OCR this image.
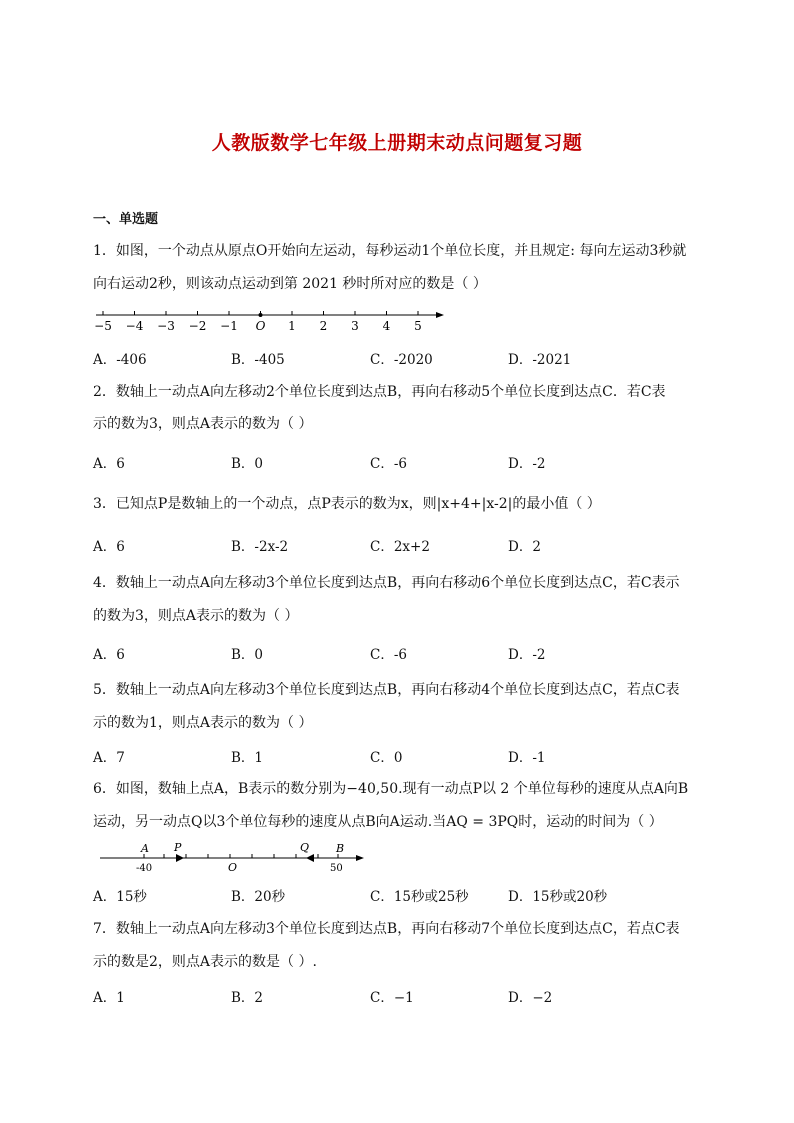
人教版数学七年级上册期末动点问题复习题
一、单选题
1．如图，一个动点从原点O开始向左运动，每秒运动1个单位长度，并且规定: 每向左运动3秒就
向右运动2秒，则该动点运动到第 2021 秒时所对应的数是（ ）
−5 −4 −3 −2 −1 O 1 2 3 4 5
A．-406	B．-405	C．-2020	D．-2021
2．数轴上一动点A向左移动2个单位长度到达点B，再向右移动5个单位长度到达点C．若C表
示的数为3，则点A表示的数为（ ）
A．6	B．0	C．-6	D．-2
3．已知点P是数轴上的一个动点，点P表示的数为x，则|x+4+|x-2|的最小值（ ）
A．6	B．-2x-2	C．2x+2	D．2
4．数轴上一动点A向左移动3个单位长度到达点B，再向右移动6个单位长度到达点C，若C表示
的数为3，则点A表示的数为（ ）
A．6	B．0	C．-6	D．-2
5．数轴上一动点A向左移动3个单位长度到达点B，再向右移动4个单位长度到达点C，若点C表
示的数为1，则点A表示的数为（ ）
A．7	B．1	C．0	D．-1
6．如图，数轴上点A，B表示的数分别为−40,50.现有一动点P以 2 个单位每秒的速度从点A向B
运动，另一动点Q以3个单位每秒的速度从点B向A运动.当AQ = 3PQ时，运动的时间为（ ）
A P
O
Q B
-40	50
A．15秒	B．20秒	C．15秒或25秒	D．15秒或20秒
7．数轴上一动点A向左移动3个单位长度到达点B，再向右移动7个单位长度到达点C，若点C表
示的数是2，则点A表示的数是（ ）.
A．1	B．2	C．−1	D．−2
